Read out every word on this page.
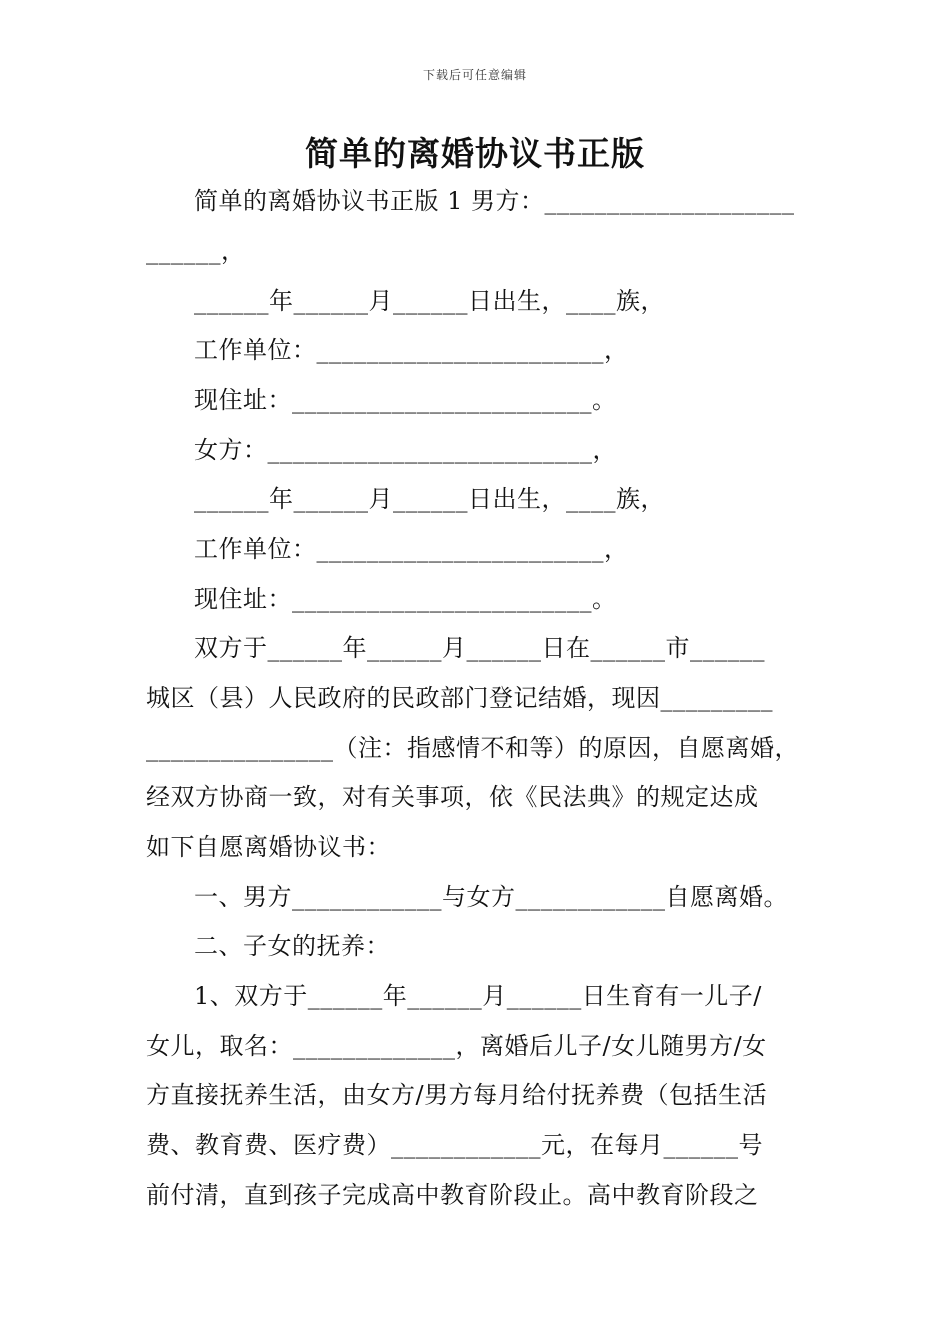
下载后可任意编辑
简单的离婚协议书正版
简单的离婚协议书正版 1 男方：____________________
______，
______年______月______日出生，____族，
工作单位：_______________________，
现住址：________________________。
女方：__________________________，
______年______月______日出生，____族，
工作单位：_______________________，
现住址：________________________。
双方于______年______月______日在______市______
城区（县）人民政府的民政部门登记结婚，现因_________
_______________（注：指感情不和等）的原因，自愿离婚，
经双方协商一致，对有关事项，依《民法典》的规定达成
如下自愿离婚协议书：
一、男方____________与女方____________自愿离婚。
二、子女的抚养：
1、双方于______年______月______日生育有一儿子/
女儿，取名：_____________，离婚后儿子/女儿随男方/女
方直接抚养生活，由女方/男方每月给付抚养费（包括生活
费、教育费、医疗费）____________元，在每月______号
前付清，直到孩子完成高中教育阶段止。高中教育阶段之
